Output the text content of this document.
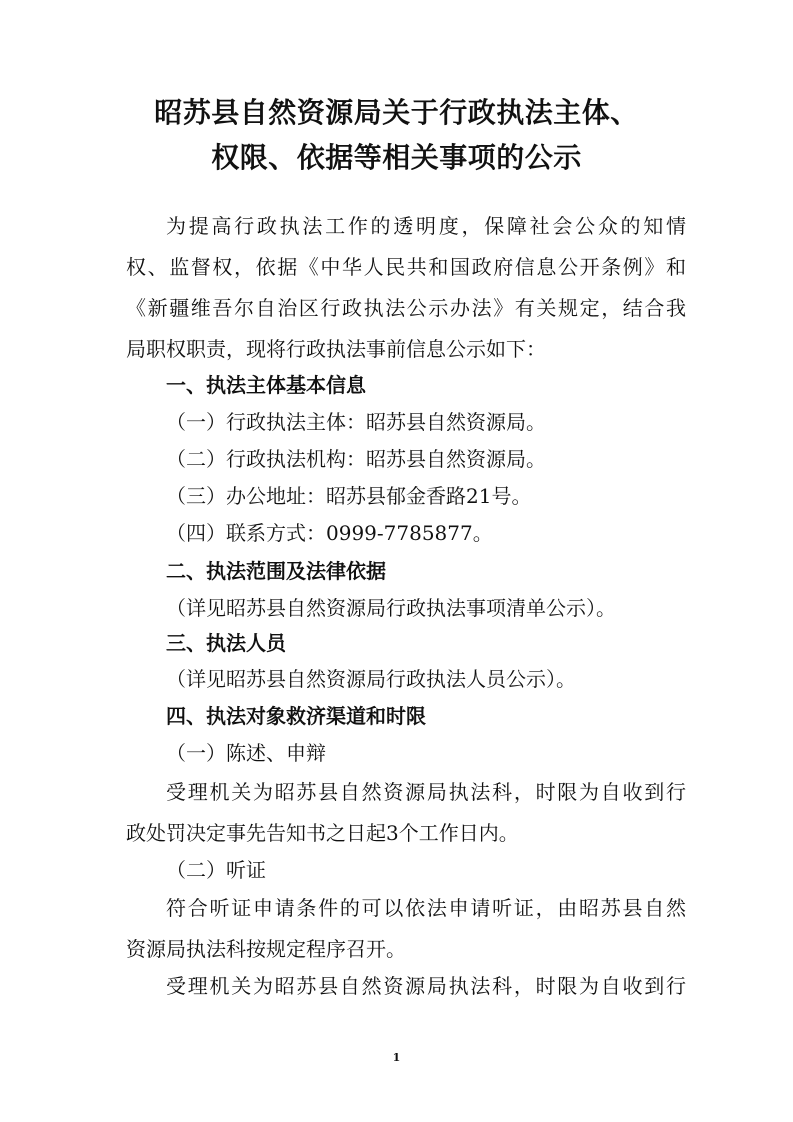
昭苏县自然资源局关于行政执法主体、
权限、依据等相关事项的公示
为提高行政执法工作的透明度，保障社会公众的知情
权、监督权，依据《中华人民共和国政府信息公开条例》和
《新疆维吾尔自治区行政执法公示办法》有关规定，结合我
局职权职责，现将行政执法事前信息公示如下：
一、执法主体基本信息
（一）行政执法主体：昭苏县自然资源局。
（二）行政执法机构：昭苏县自然资源局。
（三）办公地址：昭苏县郁金香路21号。
（四）联系方式：0999-7785877。
二、执法范围及法律依据
（详见昭苏县自然资源局行政执法事项清单公示）。
三、执法人员
（详见昭苏县自然资源局行政执法人员公示）。
四、执法对象救济渠道和时限
（一）陈述、申辩
受理机关为昭苏县自然资源局执法科，时限为自收到行
政处罚决定事先告知书之日起3个工作日内。
（二）听证
符合听证申请条件的可以依法申请听证，由昭苏县自然
资源局执法科按规定程序召开。
受理机关为昭苏县自然资源局执法科，时限为自收到行
1
